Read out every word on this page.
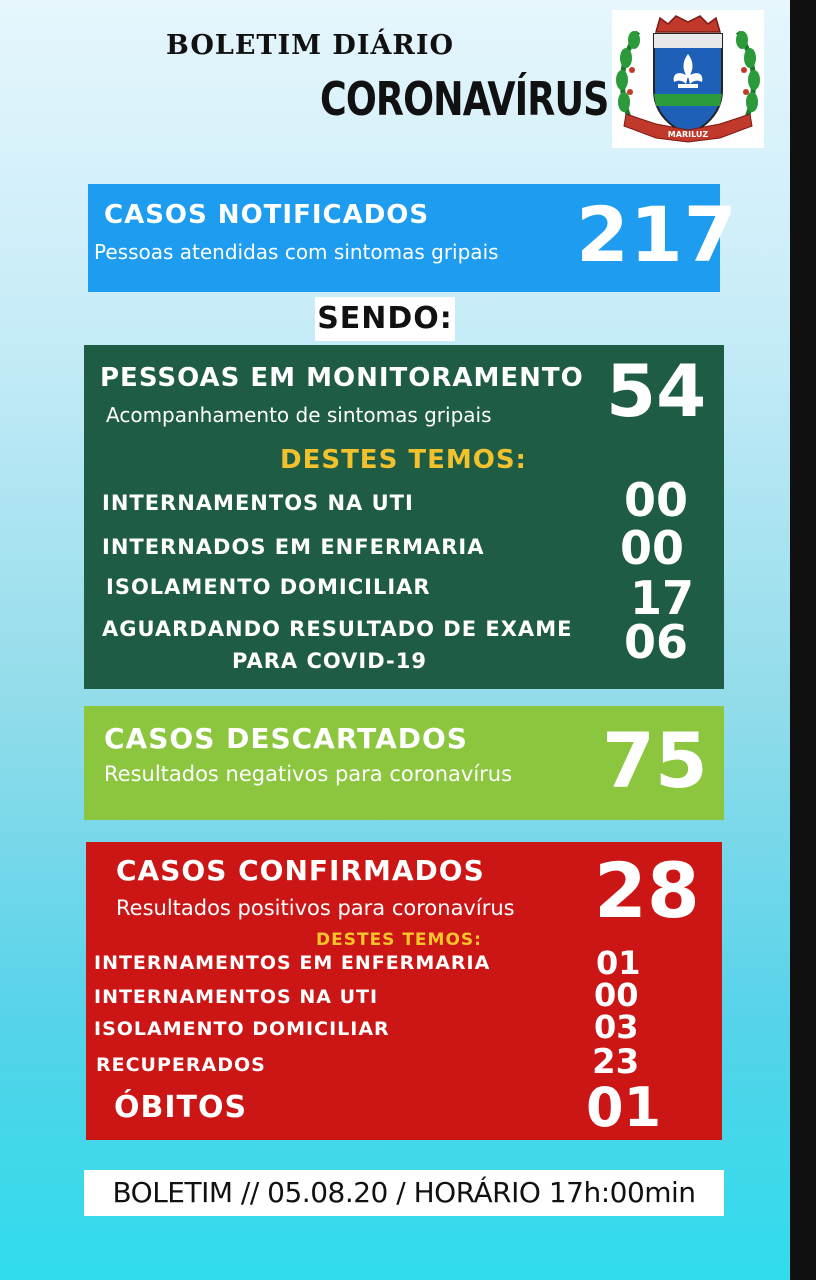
BOLETIM DIÁRIO
CORONAVÍRUS
MARILUZ
CASOS NOTIFICADOS
Pessoas atendidas com sintomas gripais 217
SENDO:
PESSOAS EM MONITORAMENTO
Acompanhamento de sintomas gripais 54
DESTES TEMOS:
INTERNAMENTOS NA UTI	00
INTERNADOS EM ENFERMARIA	00
ISOLAMENTO DOMICILIAR	17
AGUARDANDO RESULTADO DE EXAME
PARA COVID-19	06
CASOS DESCARTADOS
Resultados negativos para coronavírus 75
CASOS CONFIRMADOS
Resultados positivos para coronavírus 28
DESTES TEMOS:
INTERNAMENTOS EM ENFERMARIA	01
INTERNAMENTOS NA UTI	00
ISOLAMENTO DOMICILIAR	03
RECUPERADOS	23
ÓBITOS	01
BOLETIM // 05.08.20 / HORÁRIO 17h:00min
